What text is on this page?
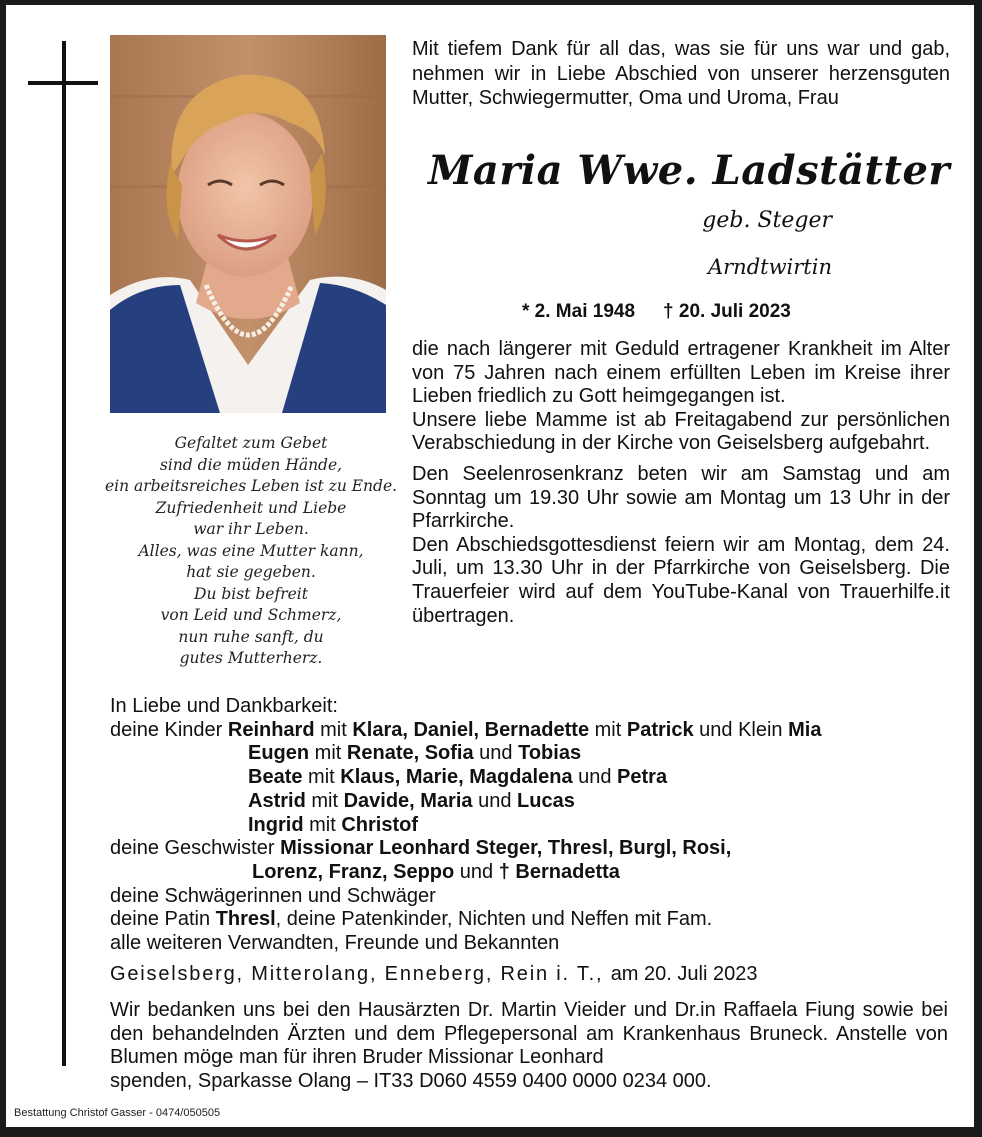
Gefaltet zum Gebet
sind die müden Hände,
ein arbeitsreiches Leben ist zu Ende.
Zufriedenheit und Liebe
war ihr Leben.
Alles, was eine Mutter kann,
hat sie gegeben.
Du bist befreit
von Leid und Schmerz,
nun ruhe sanft, du
gutes Mutterherz.
Mit tiefem Dank für all das, was sie für uns war und gab, nehmen wir in Liebe Abschied von unserer herzensguten Mutter, Schwiegermutter, Oma und Uroma, Frau
Maria Wwe. Ladstätter
geb. Steger
Arndtwirtin
* 2. Mai 1948 † 20. Juli 2023

die nach längerer mit Geduld ertragener Krankheit im Alter von 75 Jahren nach einem erfüllten Leben im Kreise ihrer Lieben friedlich zu Gott heimgegangen ist.

Unsere liebe Mamme ist ab Freitagabend zur persönlichen Verabschiedung in der Kirche von Geiselsberg aufgebahrt.

Den Seelenrosenkranz beten wir am Samstag und am Sonntag um 19.30 Uhr sowie am Montag um 13 Uhr in der Pfarrkirche.

Den Abschiedsgottesdienst feiern wir am Montag, dem 24. Juli, um 13.30 Uhr in der Pfarrkirche von Geiselsberg. Die Trauerfeier wird auf dem YouTube-Kanal von Trauerhilfe.it übertragen.

In Liebe und Dankbarkeit:
deine Kinder Reinhard mit Klara, Daniel, Bernadette mit Patrick und Klein Mia
Eugen mit Renate, Sofia und Tobias
Beate mit Klaus, Marie, Magdalena und Petra
Astrid mit Davide, Maria und Lucas
Ingrid mit Christof
deine Geschwister Missionar Leonhard Steger, Thresl, Burgl, Rosi,
Lorenz, Franz, Seppo und † Bernadetta
deine Schwägerinnen und Schwäger
deine Patin Thresl, deine Patenkinder, Nichten und Neffen mit Fam.
alle weiteren Verwandten, Freunde und Bekannten
Geiselsberg, Mitterolang, Enneberg, Rein i. T., am 20. Juli 2023
Wir bedanken uns bei den Hausärzten Dr. Martin Vieider und Dr.in Raffaela Fiung sowie bei den behandelnden Ärzten und dem Pflegepersonal am Krankenhaus Bruneck. Anstelle von Blumen möge man für ihren Bruder Missionar Leonhard
spenden, Sparkasse Olang – IT33 D060 4559 0400 0000 0234 000.
Bestattung Christof Gasser - 0474/050505
